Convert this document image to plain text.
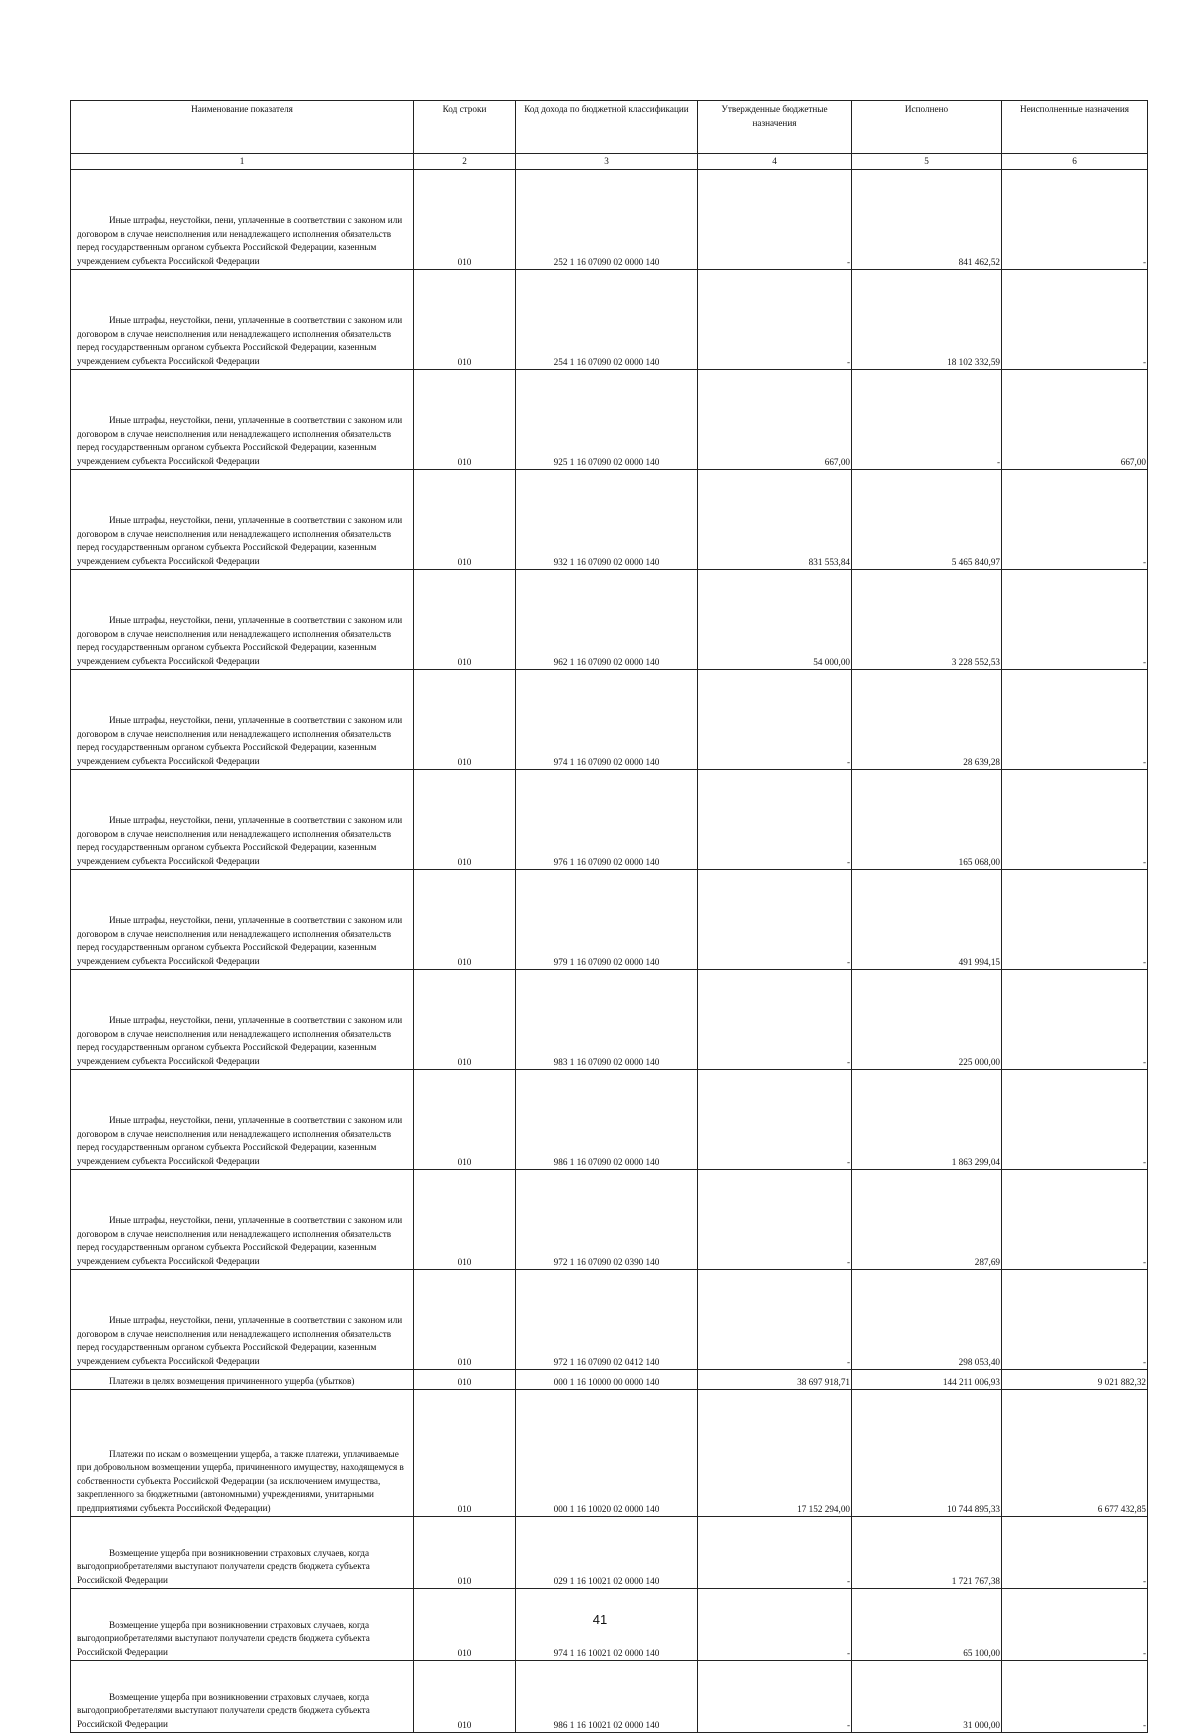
Наименование показателя	Код строки	Код дохода по бюджетной классификации	Утвержденные бюджетные назначения	Исполнено	Неисполненные назначения
1	2	3	4	5	6

Иные штрафы, неустойки, пени, уплаченные в соответствии с законом или договором в случае неисполнения или ненадлежащего исполнения обязательств перед государственным органом субъекта Российской Федерации, казенным учреждением субъекта Российской Федерации	010	252 1 16 07090 02 0000 140	-	841 462,52	-

Иные штрафы, неустойки, пени, уплаченные в соответствии с законом или договором в случае неисполнения или ненадлежащего исполнения обязательств перед государственным органом субъекта Российской Федерации, казенным учреждением субъекта Российской Федерации	010	254 1 16 07090 02 0000 140	-	18 102 332,59	-

Иные штрафы, неустойки, пени, уплаченные в соответствии с законом или договором в случае неисполнения или ненадлежащего исполнения обязательств перед государственным органом субъекта Российской Федерации, казенным учреждением субъекта Российской Федерации	010	925 1 16 07090 02 0000 140	667,00	-	667,00

Иные штрафы, неустойки, пени, уплаченные в соответствии с законом или договором в случае неисполнения или ненадлежащего исполнения обязательств перед государственным органом субъекта Российской Федерации, казенным учреждением субъекта Российской Федерации	010	932 1 16 07090 02 0000 140	831 553,84	5 465 840,97	-

Иные штрафы, неустойки, пени, уплаченные в соответствии с законом или договором в случае неисполнения или ненадлежащего исполнения обязательств перед государственным органом субъекта Российской Федерации, казенным учреждением субъекта Российской Федерации	010	962 1 16 07090 02 0000 140	54 000,00	3 228 552,53	-

Иные штрафы, неустойки, пени, уплаченные в соответствии с законом или договором в случае неисполнения или ненадлежащего исполнения обязательств перед государственным органом субъекта Российской Федерации, казенным учреждением субъекта Российской Федерации	010	974 1 16 07090 02 0000 140	-	28 639,28	-

Иные штрафы, неустойки, пени, уплаченные в соответствии с законом или договором в случае неисполнения или ненадлежащего исполнения обязательств перед государственным органом субъекта Российской Федерации, казенным учреждением субъекта Российской Федерации	010	976 1 16 07090 02 0000 140	-	165 068,00	-

Иные штрафы, неустойки, пени, уплаченные в соответствии с законом или договором в случае неисполнения или ненадлежащего исполнения обязательств перед государственным органом субъекта Российской Федерации, казенным учреждением субъекта Российской Федерации	010	979 1 16 07090 02 0000 140	-	491 994,15	-

Иные штрафы, неустойки, пени, уплаченные в соответствии с законом или договором в случае неисполнения или ненадлежащего исполнения обязательств перед государственным органом субъекта Российской Федерации, казенным учреждением субъекта Российской Федерации	010	983 1 16 07090 02 0000 140	-	225 000,00	-

Иные штрафы, неустойки, пени, уплаченные в соответствии с законом или договором в случае неисполнения или ненадлежащего исполнения обязательств перед государственным органом субъекта Российской Федерации, казенным учреждением субъекта Российской Федерации	010	986 1 16 07090 02 0000 140	-	1 863 299,04	-

Иные штрафы, неустойки, пени, уплаченные в соответствии с законом или договором в случае неисполнения или ненадлежащего исполнения обязательств перед государственным органом субъекта Российской Федерации, казенным учреждением субъекта Российской Федерации	010	972 1 16 07090 02 0390 140	-	287,69	-

Иные штрафы, неустойки, пени, уплаченные в соответствии с законом или договором в случае неисполнения или ненадлежащего исполнения обязательств перед государственным органом субъекта Российской Федерации, казенным учреждением субъекта Российской Федерации	010	972 1 16 07090 02 0412 140	-	298 053,40	-

Платежи в целях возмещения причиненного ущерба (убытков)	010	000 1 16 10000 00 0000 140	38 697 918,71	144 211 006,93	9 021 882,32

Платежи по искам о возмещении ущерба, а также платежи, уплачиваемые при добровольном возмещении ущерба, причиненного имуществу, находящемуся в собственности субъекта Российской Федерации (за исключением имущества, закрепленного за бюджетными (автономными) учреждениями, унитарными предприятиями субъекта Российской Федерации)	010	000 1 16 10020 02 0000 140	17 152 294,00	10 744 895,33	6 677 432,85

Возмещение ущерба при возникновении страховых случаев, когда выгодоприобретателями выступают получатели средств бюджета субъекта Российской Федерации	010	029 1 16 10021 02 0000 140	-	1 721 767,38	-

Возмещение ущерба при возникновении страховых случаев, когда выгодоприобретателями выступают получатели средств бюджета субъекта Российской Федерации	010	974 1 16 10021 02 0000 140	-	65 100,00	-

Возмещение ущерба при возникновении страховых случаев, когда выгодоприобретателями выступают получатели средств бюджета субъекта Российской Федерации	010	986 1 16 10021 02 0000 140	-	31 000,00	-
41
